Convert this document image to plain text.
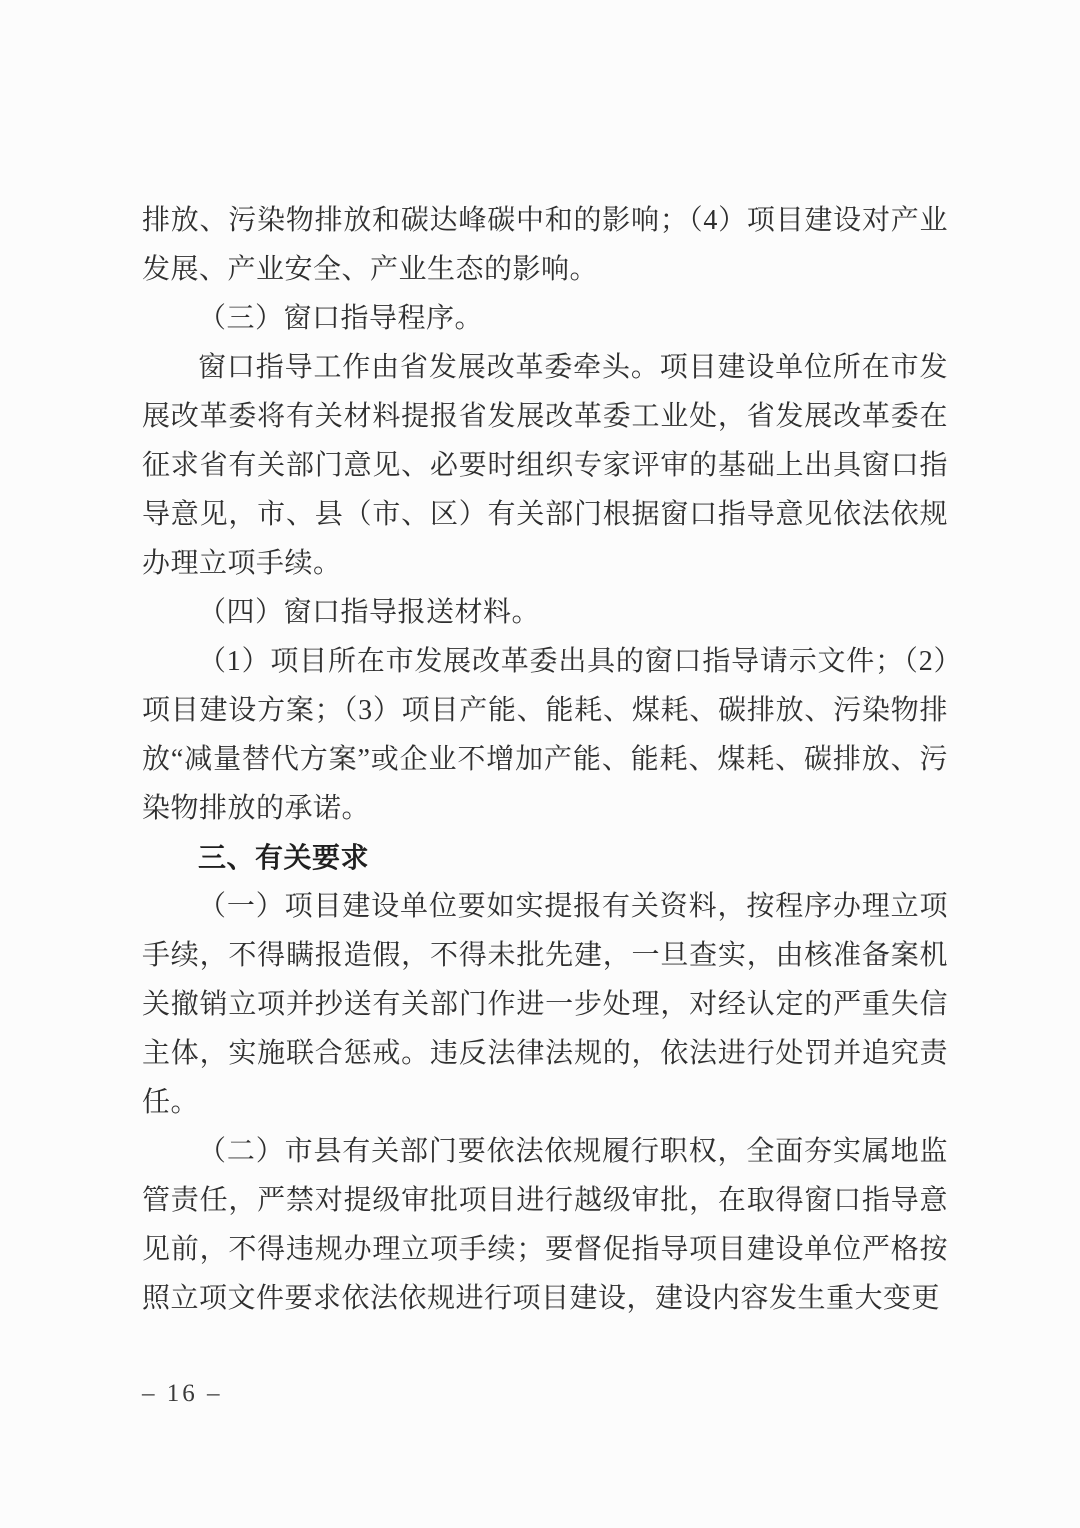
排放、污染物排放和碳达峰碳中和的影响；（4）项目建设对产业发展、产业安全、产业生态的影响。

（三）窗口指导程序。

窗口指导工作由省发展改革委牵头。项目建设单位所在市发展改革委将有关材料提报省发展改革委工业处，省发展改革委在征求省有关部门意见、必要时组织专家评审的基础上出具窗口指导意见，市、县（市、区）有关部门根据窗口指导意见依法依规办理立项手续。

（四）窗口指导报送材料。

（1）项目所在市发展改革委出具的窗口指导请示文件；（2）项目建设方案；（3）项目产能、能耗、煤耗、碳排放、污染物排放“减量替代方案”或企业不增加产能、能耗、煤耗、碳排放、污染物排放的承诺。

三、有关要求

（一）项目建设单位要如实提报有关资料，按程序办理立项手续，不得瞒报造假，不得未批先建，一旦查实，由核准备案机关撤销立项并抄送有关部门作进一步处理，对经认定的严重失信主体，实施联合惩戒。违反法律法规的，依法进行处罚并追究责任。

（二）市县有关部门要依法依规履行职权，全面夯实属地监管责任，严禁对提级审批项目进行越级审批，在取得窗口指导意见前，不得违规办理立项手续；要督促指导项目建设单位严格按照立项文件要求依法依规进行项目建设，建设内容发生重大变更

– 16 –
